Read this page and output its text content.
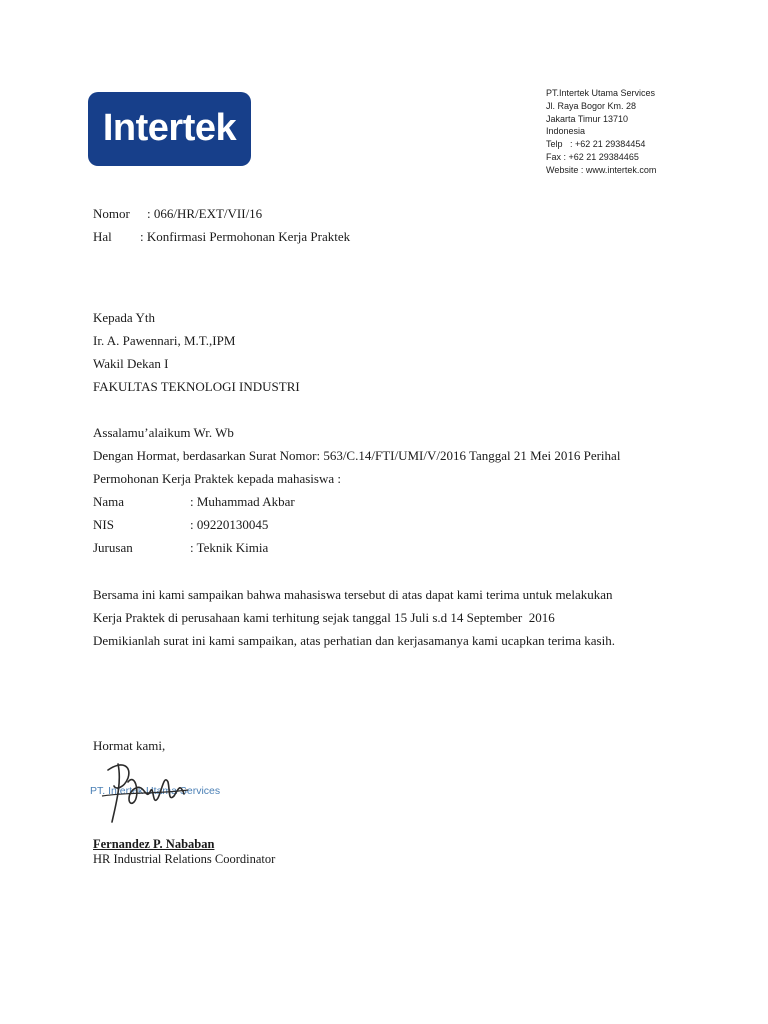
Intertek
PT.Intertek Utama Services
Jl. Raya Bogor Km. 28
Jakarta Timur 13710
Indonesia
Telp   : +62 21 29384454
Fax : +62 21 29384465
Website : www.intertek.com
Nomor : 066/HR/EXT/VII/16
Hal : Konfirmasi Permohonan Kerja Praktek
Kepada Yth
Ir. A. Pawennari, M.T.,IPM
Wakil Dekan I
FAKULTAS TEKNOLOGI INDUSTRI
Assalamu’alaikum Wr. Wb
Dengan Hormat, berdasarkan Surat Nomor: 563/C.14/FTI/UMI/V/2016 Tanggal 21 Mei 2016 Perihal
Permohonan Kerja Praktek kepada mahasiswa :
Nama	: Muhammad Akbar
NIS	: 09220130045
Jurusan	: Teknik Kimia
Bersama ini kami sampaikan bahwa mahasiswa tersebut di atas dapat kami terima untuk melakukan
Kerja Praktek di perusahaan kami terhitung sejak tanggal 15 Juli s.d 14 September  2016
Demikianlah surat ini kami sampaikan, atas perhatian dan kerjasamanya kami ucapkan terima kasih.
Hormat kami,
PT. Intertek Utama Services
Fernandez P. Nababan
HR Industrial Relations Coordinator
